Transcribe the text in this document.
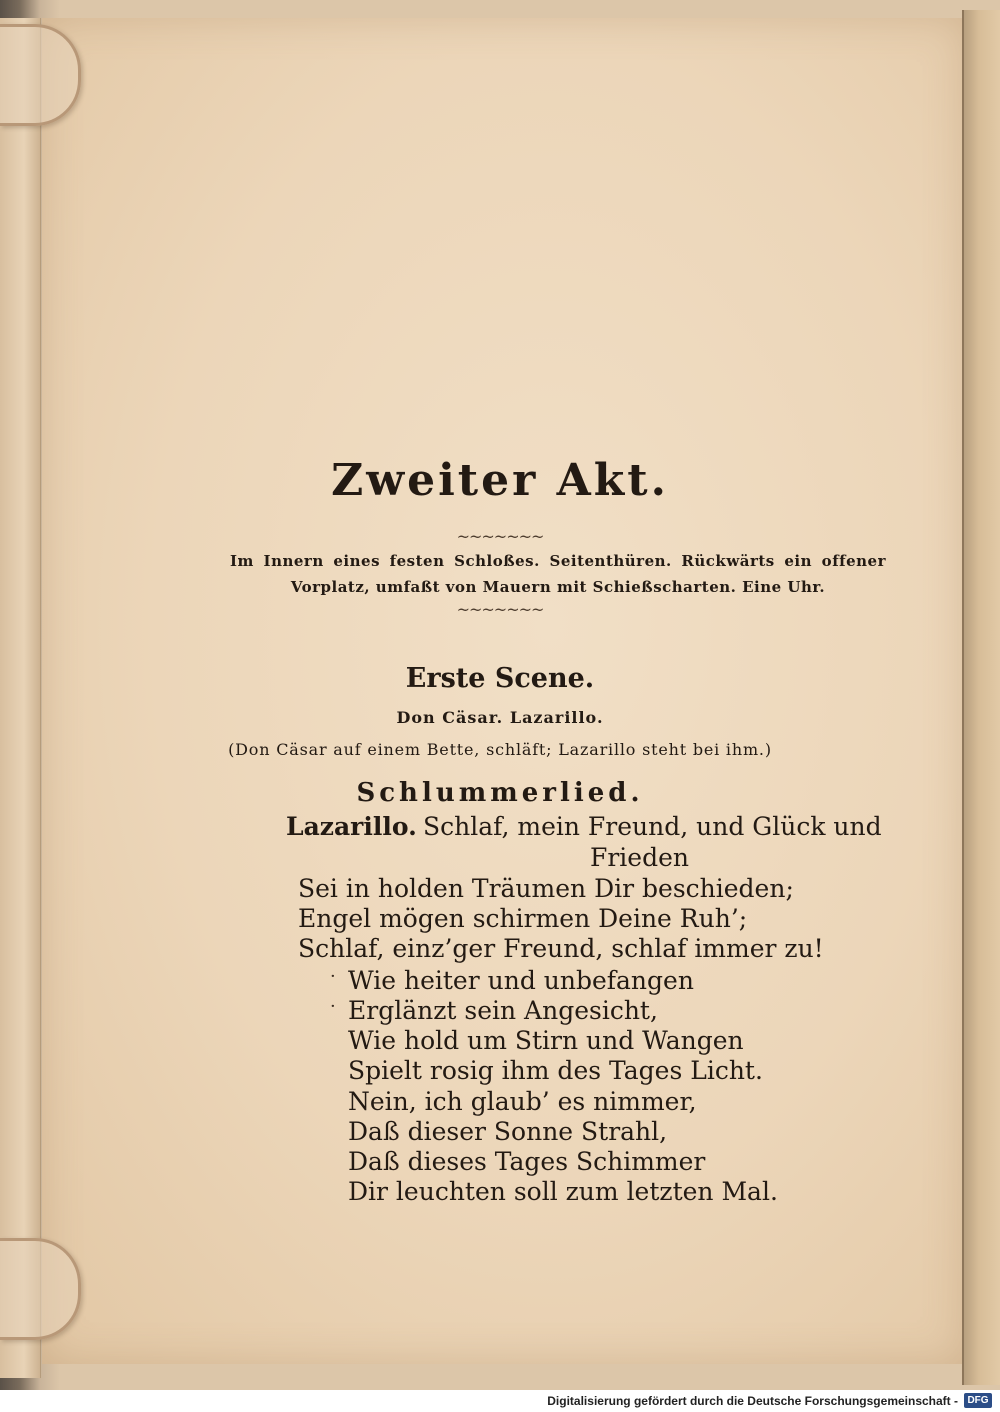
Zweiter Akt.
~~~~~~~
Im Innern eines festen Schloßes. Seitenthüren. Rückwärts ein offener Vorplatz, umfaßt von Mauern mit Schießscharten. Eine Uhr.
~~~~~~~
Erste Scene.
Don Cäsar. Lazarillo.
(Don Cäsar auf einem Bette, schläft; Lazarillo steht bei ihm.)
Schlummerlied.
Lazarillo. Schlaf, mein Freund, und Glück und
Frieden
Sei in holden Träumen Dir beschieden;
Engel mögen schirmen Deine Ruh’;
Schlaf, einz’ger Freund, schlaf immer zu!
· Wie heiter und unbefangen
· Erglänzt sein Angesicht,
Wie hold um Stirn und Wangen
Spielt rosig ihm des Tages Licht.
Nein, ich glaub’ es nimmer,
Daß dieser Sonne Strahl,
Daß dieses Tages Schimmer
Dir leuchten soll zum letzten Mal.
Digitalisierung gefördert durch die Deutsche Forschungsgemeinschaft - DFG
